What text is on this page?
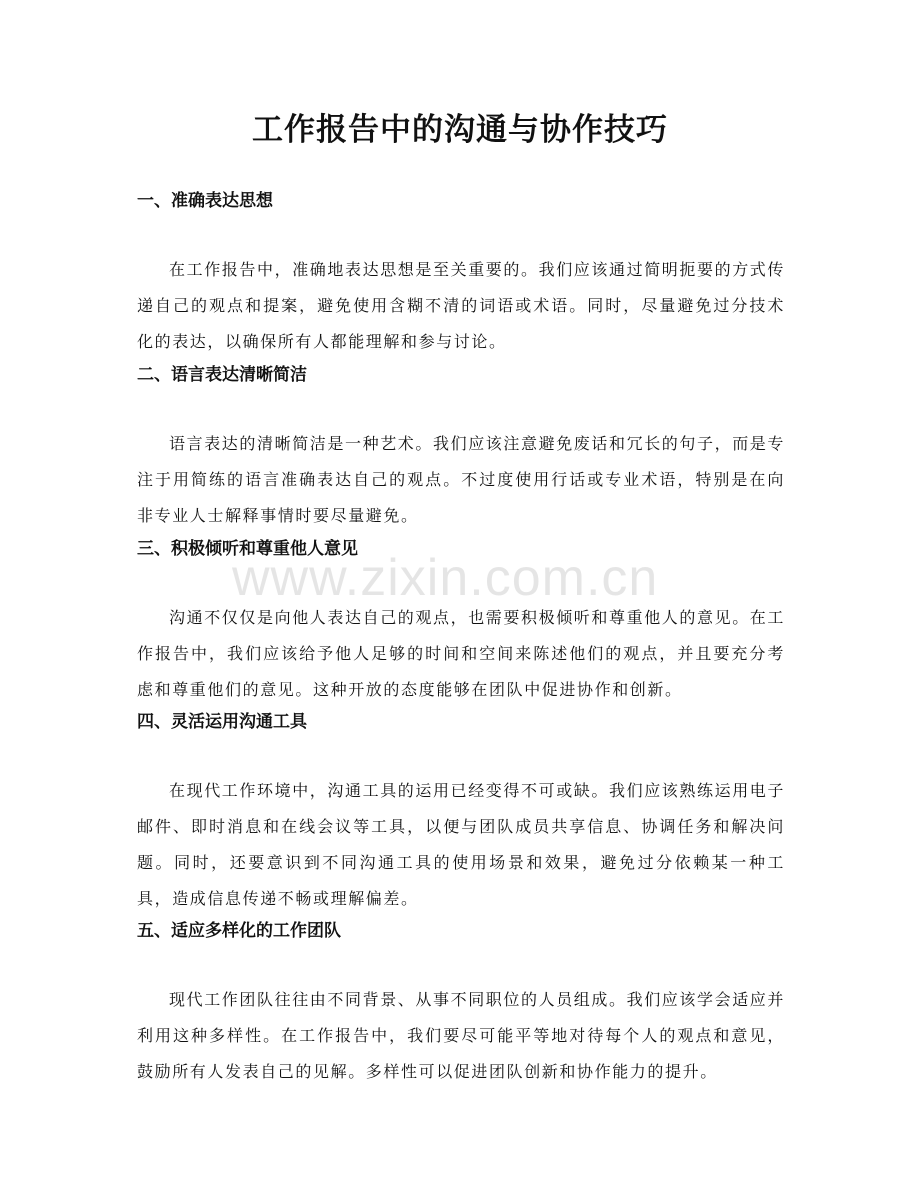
工作报告中的沟通与协作技巧
一、准确表达思想

在工作报告中，准确地表达思想是至关重要的。我们应该通过简明扼要的方式传递自己的观点和提案，避免使用含糊不清的词语或术语。同时，尽量避免过分技术化的表达，以确保所有人都能理解和参与讨论。

二、语言表达清晰简洁

语言表达的清晰简洁是一种艺术。我们应该注意避免废话和冗长的句子，而是专注于用简练的语言准确表达自己的观点。不过度使用行话或专业术语，特别是在向非专业人士解释事情时要尽量避免。

三、积极倾听和尊重他人意见

沟通不仅仅是向他人表达自己的观点，也需要积极倾听和尊重他人的意见。在工作报告中，我们应该给予他人足够的时间和空间来陈述他们的观点，并且要充分考虑和尊重他们的意见。这种开放的态度能够在团队中促进协作和创新。

四、灵活运用沟通工具

在现代工作环境中，沟通工具的运用已经变得不可或缺。我们应该熟练运用电子邮件、即时消息和在线会议等工具，以便与团队成员共享信息、协调任务和解决问题。同时，还要意识到不同沟通工具的使用场景和效果，避免过分依赖某一种工具，造成信息传递不畅或理解偏差。

五、适应多样化的工作团队

现代工作团队往往由不同背景、从事不同职位的人员组成。我们应该学会适应并利用这种多样性。在工作报告中，我们要尽可能平等地对待每个人的观点和意见，鼓励所有人发表自己的见解。多样性可以促进团队创新和协作能力的提升。

www.zixin.com.cn
